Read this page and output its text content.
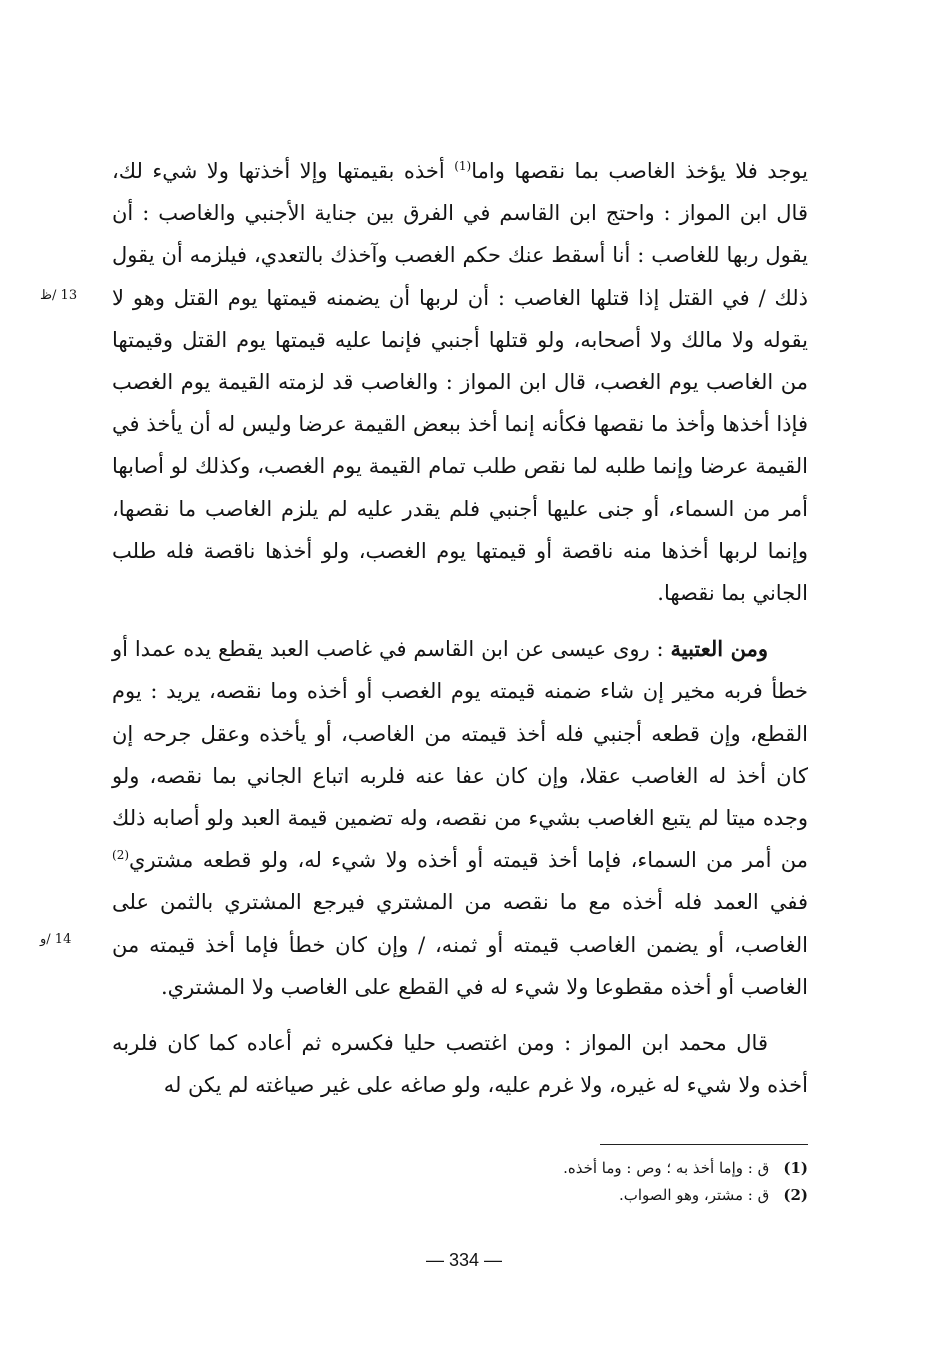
يوجد فلا يؤخذ الغاصب بما نقصها واما$^{(1)}$ أخذه بقيمتها وإلا أخذتها ولا شيء لك، قال ابن المواز : واحتج ابن القاسم في الفرق بين جناية الأجنبي والغاصب : أن يقول ربها للغاصب : أنا أسقط عنك حكم الغصب وآخذك بالتعدي، فيلزمه أن يقول ذلك / في القتل إذا قتلها الغاصب : أن لربها أن يضمنه قيمتها يوم القتل وهو لا يقوله ولا مالك ولا أصحابه، ولو قتلها أجنبي فإنما عليه قيمتها يوم القتل وقيمتها من الغاصب يوم الغصب، قال ابن المواز : والغاصب قد لزمته القيمة يوم الغصب فإذا أخذها وأخذ ما نقصها فكأنه إنما أخذ ببعض القيمة عرضا وليس له أن يأخذ في القيمة عرضا وإنما طلبه لما نقص طلب تمام القيمة يوم الغصب، وكذلك لو أصابها أمر من السماء، أو جنى عليها أجنبي فلم يقدر عليه لم يلزم الغاصب ما نقصها، وإنما لربها أخذها منه ناقصة أو قيمتها يوم الغصب، ولو أخذها ناقصة فله طلب الجاني بما نقصها.

ومن العتبية : روى عيسى عن ابن القاسم في غاصب العبد يقطع يده عمدا أو خطأ فربه مخير إن شاء ضمنه قيمته يوم الغصب أو أخذه وما نقصه، يريد : يوم القطع، وإن قطعه أجنبي فله أخذ قيمته من الغاصب، أو يأخذه وعقل جرحه إن كان أخذ له الغاصب عقلا، وإن كان عفا عنه فلربه اتباع الجاني بما نقصه، ولو وجده ميتا لم يتبع الغاصب بشيء من نقصه، وله تضمين قيمة العبد ولو أصابه ذلك من أمر من السماء، فإما أخذ قيمته أو أخذه ولا شيء له، ولو قطعه مشتري$^{(2)}$ ففي العمد فله أخذه مع ما نقصه من المشتري فيرجع المشتري بالثمن على الغاصب، أو يضمن الغاصب قيمته أو ثمنه، / وإن كان خطأ فإما أخذ قيمته من الغاصب أو أخذه مقطوعا ولا شيء له في القطع على الغاصب ولا المشتري.

قال محمد ابن المواز : ومن اغتصب حليا فكسره ثم أعاده كما كان فلربه أخذه ولا شيء له غيره، ولا غرم عليه، ولو صاغه على غير صياغته لم يكن له

13 /ظ
14 /و
(1) ق : وإما أخذ به ؛ وص : وما أخذه.
(2) ق : مشتر، وهو الصواب.
— 334 —
